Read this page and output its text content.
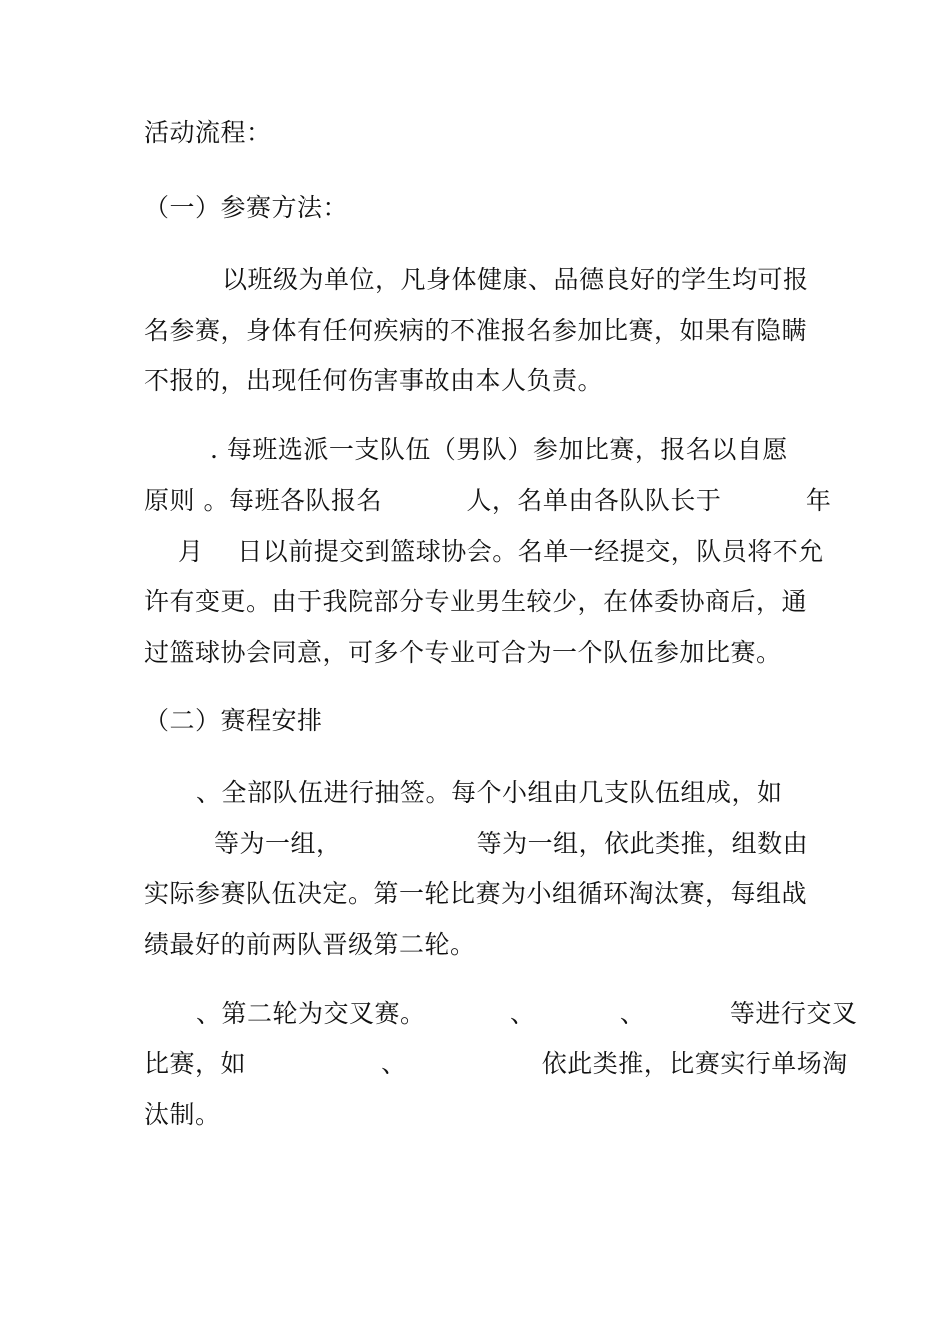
活动流程：
（一）参赛方法：
以班级为单位，凡身体健康、品德良好的学生均可报
名参赛，身体有任何疾病的不准报名参加比赛，如果有隐瞒
不报的，出现任何伤害事故由本人负责。
. 每班选派一支队伍（男队）参加比赛，报名以自愿
原则 。每班各队报名          人，名单由各队队长于          年
月    日以前提交到篮球协会。名单一经提交，队员将不允
许有变更。由于我院部分专业男生较少，在体委协商后，通
过篮球协会同意，可多个专业可合为一个队伍参加比赛。
（二）赛程安排
、全部队伍进行抽签。每个小组由几支队伍组成，如
等为一组，                等为一组，依此类推，组数由
实际参赛队伍决定。第一轮比赛为小组循环淘汰赛，每组战
绩最好的前两队晋级第二轮。
、第二轮为交叉赛。          、          、          等进行交叉
比赛，如                、                依此类推，比赛实行单场淘
汰制。
